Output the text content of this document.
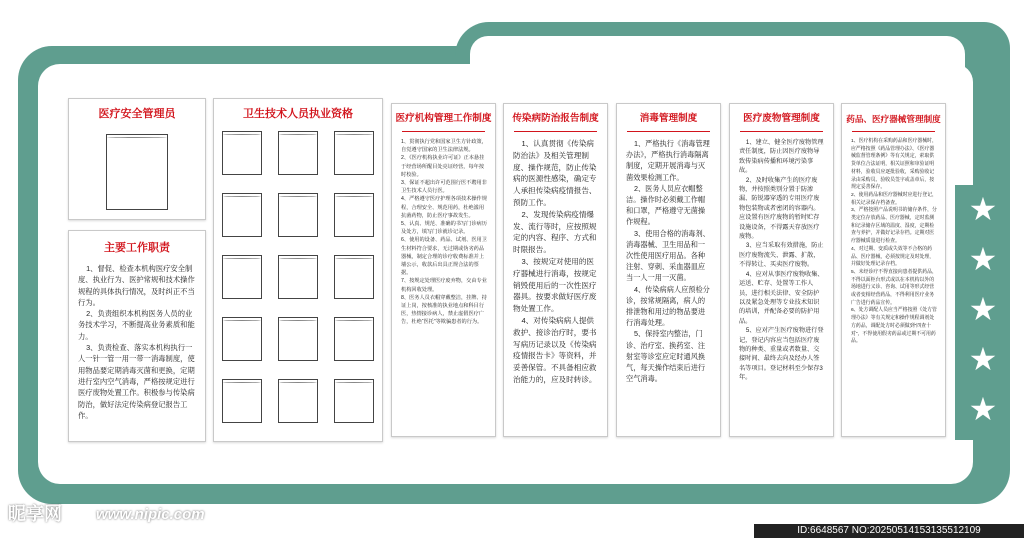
医疗安全管理员
主要工作职责
1、督促、检查本机构医疗安全制度、执业行为、医护常规和技术操作规程的具体执行情况，及时纠正不当行为。
2、负责组织本机构医务人员的业务技术学习，不断提高业务素质和能力。
3、负责检查、落实本机构执行一人一针一管一用一带一消毒制度，使用物品要定期消毒灭菌和更换，定期进行室内空气消毒，严格按规定进行医疗废物处置工作。积极参与传染病防治，做好法定传染病登记报告工作。
卫生技术人员执业资格	医疗机构管理工作制度
1、贯彻执行党和国家卫生方针政策，自觉遵守国家的卫生法律法规。
2、《医疗机构执业许可证》正本悬挂于经营场所醒目处亮证经营，每年按时校验。
3、保证不超出许可范围行医不聘用非卫生技术人员行医。
4、严格遵守医疗护理各项技术操作规程，合理安全、规范用药，杜绝滥用抗菌药物，防止医疗事故发生。
5、认真、规范、准确的书写门诊病历及处方，填写门诊就诊记录。
6、使用的设备、药品、试剂、医用卫生材料符合要求，无过期或伪劣药品器械，制定合理的诊疗收费标准并上墙公示，收款后出具正规合法的票据。
7、按规定处理医疗废弃物，交由专业机构回收处理。
8、医务人员衣帽穿戴整洁，挂牌、持证上岗，按核准的执业地点和科目行医，热情接诊病人，禁止虚假医疗广告，杜绝“医托”等欺骗患者的行为。
传染病防治报告制度
1、认真贯彻《传染病防治法》及相关管理制度、操作规范，防止传染病的医源性感染，确定专人承担传染病疫情报告、预防工作。
2、发现传染病疫情爆发、流行等时，应按照规定的内容、程序、方式和时限报告。
3、按规定对使用的医疗器械进行消毒，按规定销毁使用后的一次性医疗器具。按要求做好医疗废物处置工作。
4、对传染病病人提供救护、接诊治疗时，要书写病历记录以及《传染病疫情报告卡》等资料，并妥善保管。不具备相应救治能力的，应及时转诊。
消毒管理制度
1、严格执行《消毒管理办法》，严格执行消毒隔离制度，定期开展消毒与灭菌效果检测工作。
2、医务人员应衣帽整洁。操作时必须戴工作帽和口罩，严格遵守无菌操作规程。
3、使用合格的消毒剂、消毒器械、卫生用品和一次性使用医疗用品。各种注射、穿刺、采血器皿应当一人一用一灭菌。
4、传染病病人应预检分诊，按常规隔离，病人的排泄物和用过的物品要进行消毒处理。
5、保持室内整洁，门诊、治疗室、换药室、注射室等诊室应定时通风换气，每天操作结束后进行空气消毒。
医疗废物管理制度
1、建立、健全医疗废物管理责任制度，防止因医疗废物导致传染病传播和环境污染事故。
2、及时收集产生的医疗废物，并按照类别分置于防渗漏、防锐器穿透的专用医疗废物包装物或者密闭的容器内。应设置有医疗废物的暂时贮存设施设备，不得露天存放医疗废物。
3、应当采取有效措施，防止医疗废物流失、泄露、扩散，不得转让、买卖医疗废物。
4、应对从事医疗废物收集、运送、贮存、处置等工作人员，进行相关法律、安全防护以及紧急处理等专业技术知识的培训，并配备必要的防护用品。
5、应对产生医疗废物进行登记，登记内容应当包括医疗废物的种类、重量或者数量、交接时间、最终去向及经办人签名等项目。登记材料至少保存3年。
药品、医疗器械管理制度
1、医疗机构在采购药品和医疗器械时，应严格按照《药品管理办法》、《医疗器械监督管理条例》等有关规定，索取供货单位合法证明，相关证照和审验证明材料，验收员应逐批验收，采购验收记录由采购员、验收员签字或盖章后，按规定妥善保存。
2、使用药品和医疗器械时应进行登记，相关记录保存档备查。
3、严格按照产品说明书的储存条件，分类定位存放药品、医疗器械，定时监测和记录储存区域的温度、湿度，定期检查与养护，并做好记录存档。定期对医疗器械质量进行检查。
4、对过期、变质或失效等不合格的药品、医疗器械，必须按规定及时处理，并做好处理记录存档。
5、未经诊疗不得直接向患者提供药品，不得以面柜台形式或以在本机构以外的场地进行义诊、咨询、试用等形式经营或者变相经营药品，不得利用医疗业务广告进行药品宣传。
6、处方调配人员应当严格按照《处方管理办法》等有关规定和操作规程调剂处方药品，调配处方时必须做到“四查十对”，不得使用假劣药品或过期不可用药品。
★
★
★
★
★
昵享网 www.nipic.com
ID:6648567 NO:20250514153135512109
